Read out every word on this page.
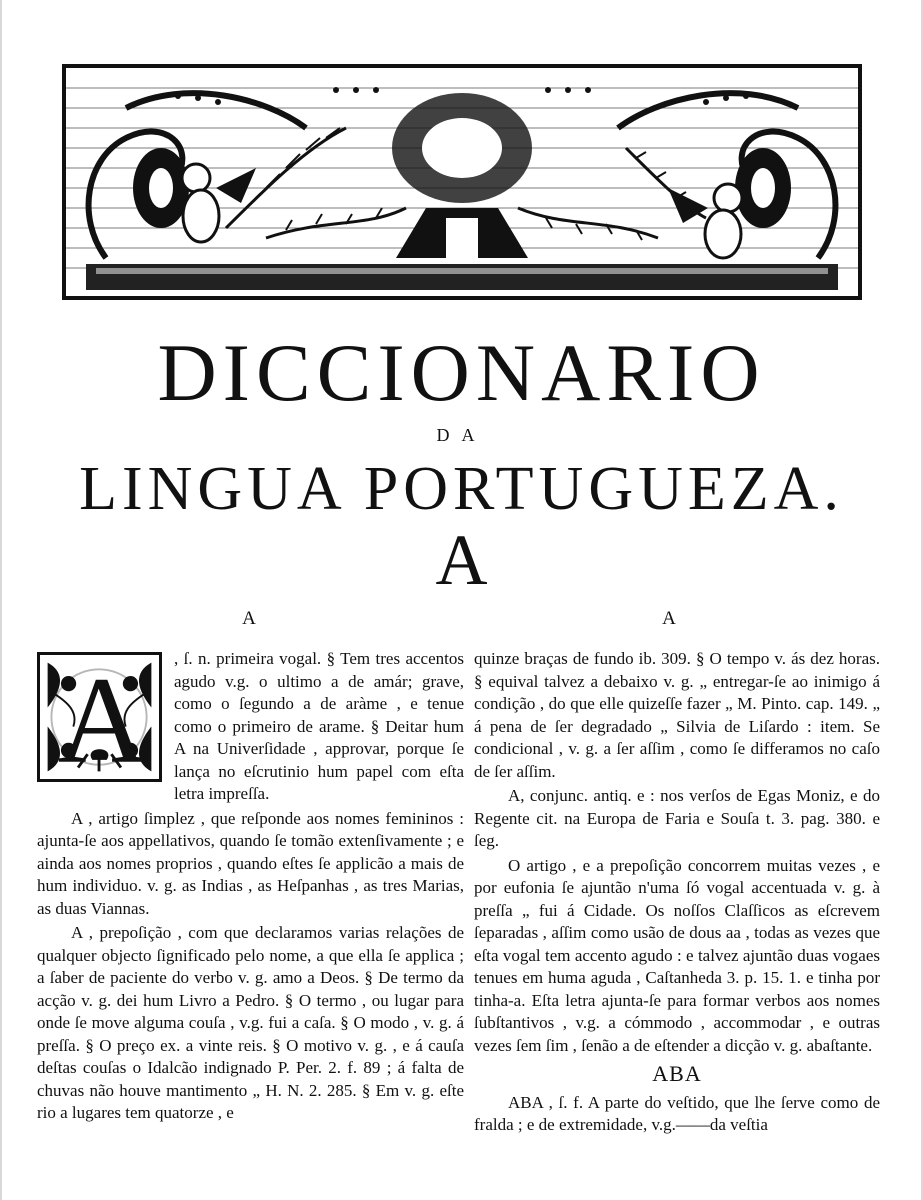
DICCIONARIO
DA
LINGUA PORTUGUEZA.
A
A	A
A	, ſ. n. primeira vogal. § Tem tres accentos agudo v.g. o ultimo a de amár; grave, como o ſegundo a de aràme , e tenue como o primeiro de arame. § Deitar hum A na Univerſidade , approvar, porque ſe lança no eſcrutinio hum papel com eſta letra impreſſa.

A , artigo ſimplez , que reſponde aos nomes femininos : ajunta-ſe aos appellativos, quando ſe tomão extenſivamente ; e ainda aos nomes proprios , quando eſtes ſe applicão a mais de hum individuo. v. g. as Indias , as Heſpanhas , as tres Marias, as duas Viannas.

A , prepoſição , com que declaramos varias relações de qualquer objecto ſignificado pelo nome, a que ella ſe applica ; a ſaber de paciente do verbo v. g. amo a Deos. § De termo da acção v. g. dei hum Livro a Pedro. § O termo , ou lugar para onde ſe move alguma couſa , v.g. fui a caſa. § O modo , v. g. á preſſa. § O preço ex. a vinte reis. § O motivo v. g. , e á cauſa deſtas couſas o Idalcão indignado P. Per. 2. f. 89 ; á falta de chuvas não houve mantimento „ H. N. 2. 285. § Em v. g. eſte rio a lugares tem quatorze , e

quinze braças de fundo ib. 309. § O tempo v. ás dez horas. § equival talvez a debaixo v. g. „ entregar-ſe ao inimigo á condição , do que elle quizeſſe fazer „ M. Pinto. cap. 149. „ á pena de ſer degradado „ Silvia de Liſardo : item. Se condicional , v. g. a ſer aſſim , como ſe differamos no caſo de ſer aſſim.

A, conjunc. antiq. e : nos verſos de Egas Moniz, e do Regente cit. na Europa de Faria e Souſa t. 3. pag. 380. e ſeg.

O artigo , e a prepoſição concorrem muitas vezes , e por eufonia ſe ajuntão n'uma ſó vogal accentuada v. g. à preſſa „ fui á Cidade. Os noſſos Claſſicos as eſcrevem ſeparadas , aſſim como usão de dous aa , todas as vezes que eſta vogal tem accento agudo : e talvez ajuntão duas vogaes tenues em huma aguda , Caſtanheda 3. p. 15. 1. e tinha por tinha-a. Eſta letra ajunta-ſe para formar verbos aos nomes ſubſtantivos , v.g. a cómmodo , accommodar , e outras vezes ſem ſim , ſenão a de eſtender a dicção v. g. abaſtante.

ABA

ABA , ſ. f. A parte do veſtido, que lhe ſerve como de fralda ; e de extremidade, v.g.——da veſtia
